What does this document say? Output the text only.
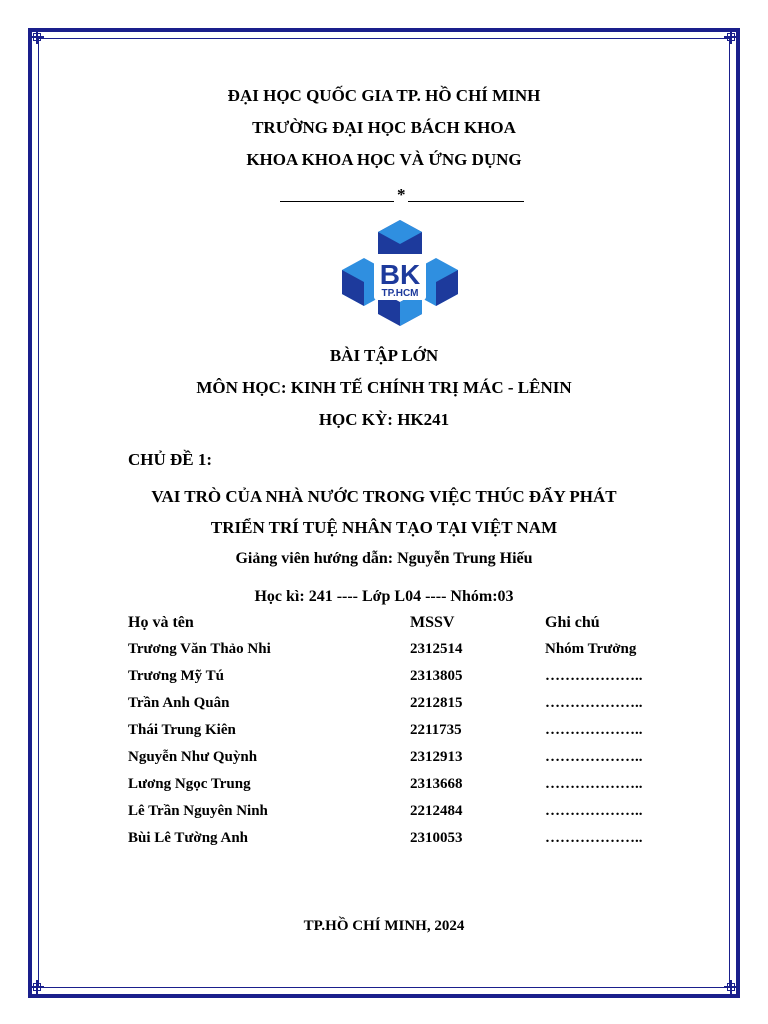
ĐẠI HỌC QUỐC GIA TP. HỒ CHÍ MINH
TRƯỜNG ĐẠI HỌC BÁCH KHOA
KHOA KHOA HỌC VÀ ỨNG DỤNG
*
BK
TP.HCM
BÀI TẬP LỚN
MÔN HỌC: KINH TẾ CHÍNH TRỊ MÁC - LÊNIN
HỌC KỲ: HK241
CHỦ ĐỀ 1:
VAI TRÒ CỦA NHÀ NƯỚC TRONG VIỆC THÚC ĐẨY PHÁT
TRIỂN TRÍ TUỆ NHÂN TẠO TẠI VIỆT NAM
Giảng viên hướng dẫn: Nguyễn Trung Hiếu
Học kì: 241 ---- Lớp L04 ---- Nhóm:03
Họ và tên	MSSV	Ghi chú
Trương Văn Thảo Nhi	2312514	Nhóm Trưởng
Trương Mỹ Tú	2313805	………………..
Trần Anh Quân	2212815	………………..
Thái Trung Kiên	2211735	………………..
Nguyễn Như Quỳnh	2312913	………………..
Lương Ngọc Trung	2313668	………………..
Lê Trần Nguyên Ninh	2212484	………………..
Bùi Lê Tường Anh	2310053	………………..
TP.HỒ CHÍ MINH, 2024
